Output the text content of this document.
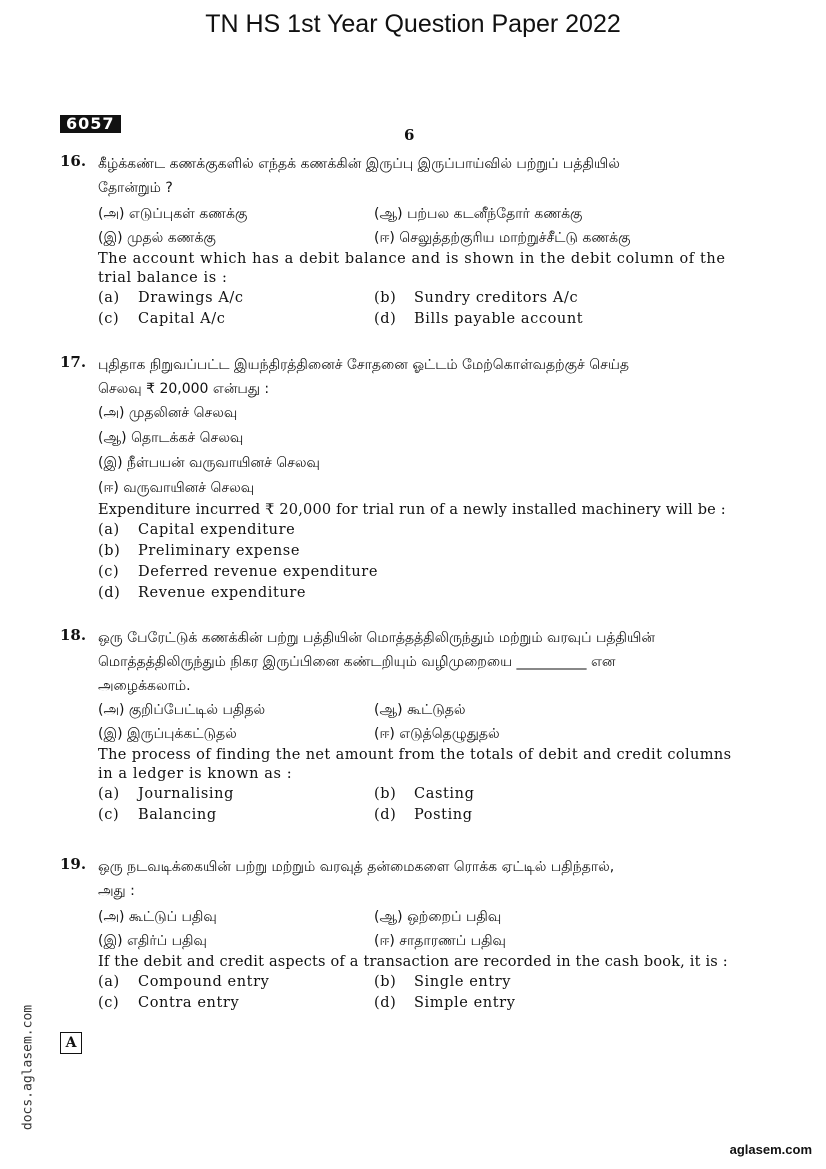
TN HS 1st Year Question Paper 2022
6057
6
16. கீழ்க்கண்ட கணக்குகளில் எந்தக் கணக்கின் இருப்பு இருப்பாய்வில் பற்றுப் பத்தியில்
தோன்றும் ?
(அ) எடுப்புகள் கணக்கு	(ஆ) பற்பல கடனீந்தோர் கணக்கு
(இ) முதல் கணக்கு	(ஈ) செலுத்தற்குரிய மாற்றுச்சீட்டு கணக்கு
The account which has a debit balance and is shown in the debit column of the
trial balance is :
(a)	Drawings A/c	(b)	Sundry creditors A/c
(c)	Capital A/c	(d)	Bills payable account
17. புதிதாக நிறுவப்பட்ட இயந்திரத்தினைச் சோதனை ஓட்டம் மேற்கொள்வதற்குச் செய்த
செலவு ₹ 20,000 என்பது :
(அ) முதலினச் செலவு
(ஆ) தொடக்கச் செலவு
(இ) நீள்பயன் வருவாயினச் செலவு
(ஈ) வருவாயினச் செலவு
Expenditure incurred ₹ 20,000 for trial run of a newly installed machinery will be :
(a)	Capital expenditure
(b)	Preliminary expense
(c)	Deferred revenue expenditure
(d)	Revenue expenditure
18. ஒரு பேரேட்டுக் கணக்கின் பற்று பத்தியின் மொத்தத்திலிருந்தும் மற்றும் வரவுப் பத்தியின்
மொத்தத்திலிருந்தும் நிகர இருப்பினை கண்டறியும் வழிமுறையை __________ என
அழைக்கலாம்.
(அ) குறிப்பேட்டில் பதிதல்	(ஆ) கூட்டுதல்
(இ) இருப்புக்கட்டுதல்	(ஈ) எடுத்தெழுதுதல்
The process of finding the net amount from the totals of debit and credit columns
in a ledger is known as :
(a)	Journalising	(b)	Casting
(c)	Balancing	(d)	Posting
19. ஒரு நடவடிக்கையின் பற்று மற்றும் வரவுத் தன்மைகளை ரொக்க ஏட்டில் பதிந்தால்,
அது :
(அ) கூட்டுப் பதிவு	(ஆ) ஒற்றைப் பதிவு
(இ) எதிர்ப் பதிவு	(ஈ) சாதாரணப் பதிவு
If the debit and credit aspects of a transaction are recorded in the cash book, it is :
(a)	Compound entry	(b)	Single entry
(c)	Contra entry	(d)	Simple entry
A
docs.aglasem.com
aglasem.com
